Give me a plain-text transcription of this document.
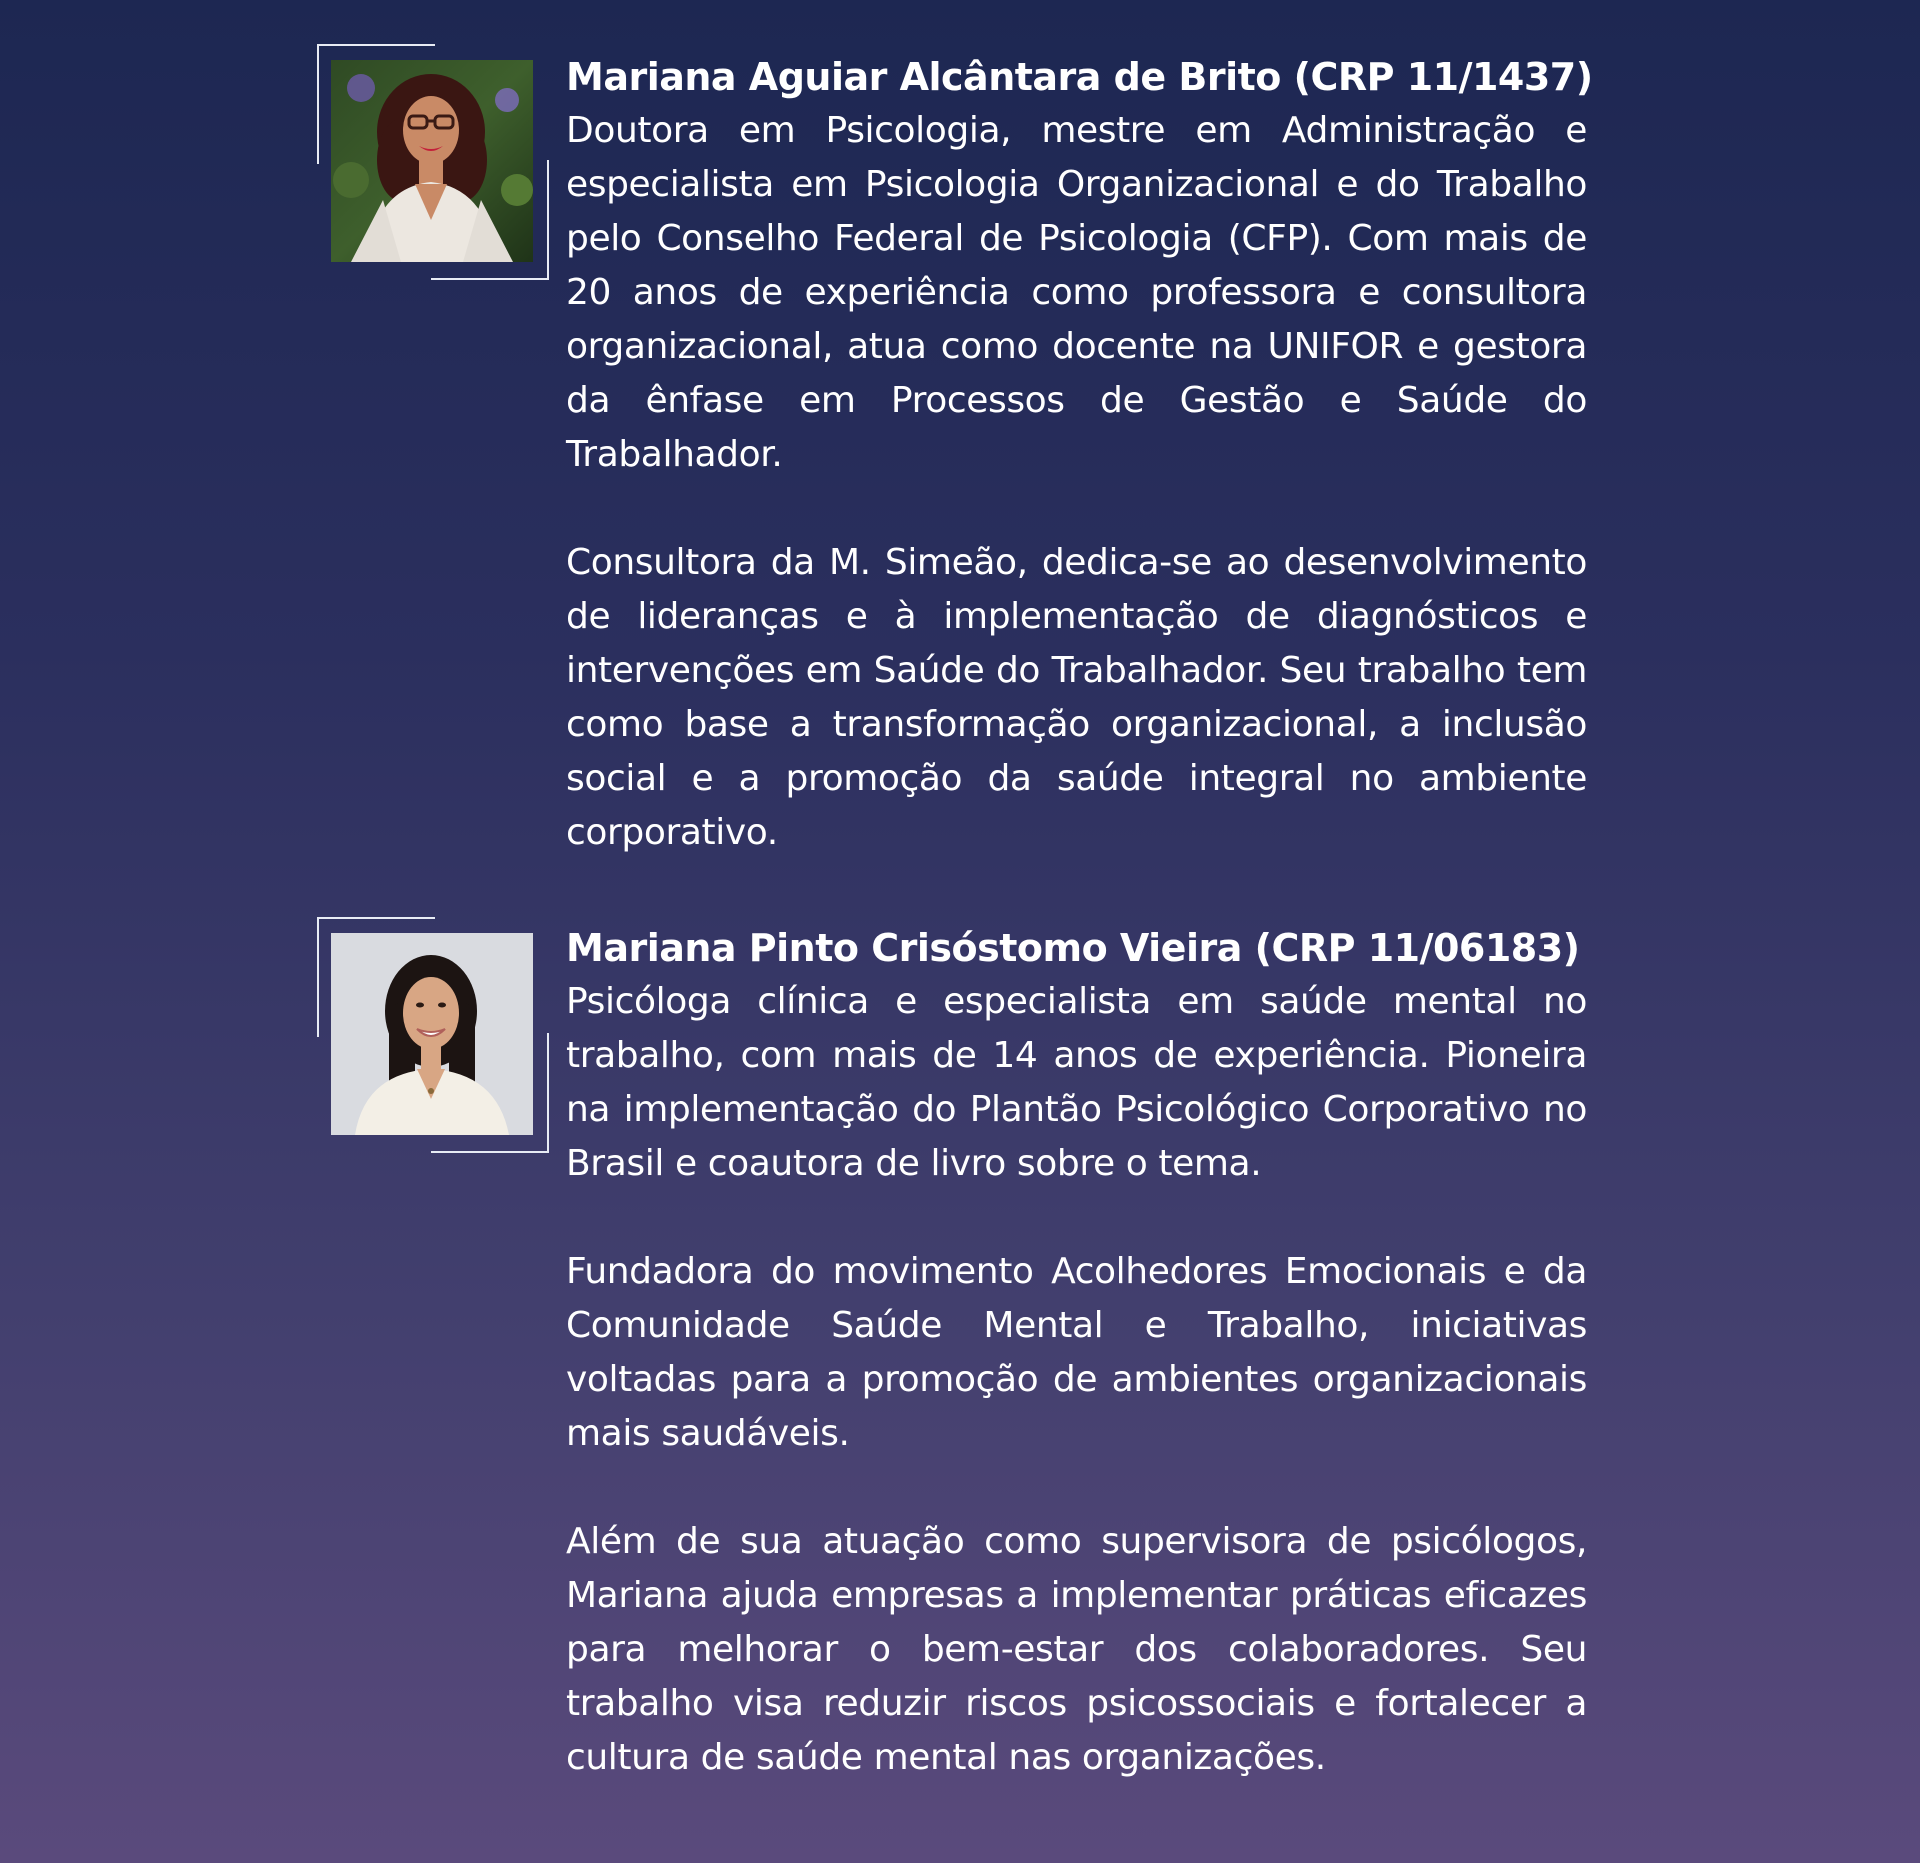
Mariana Aguiar Alcântara de Brito (CRP 11/1437)

Doutora em Psicologia, mestre em Administração e especialista em Psicologia Organizacional e do Trabalho pelo Conselho Federal de Psicologia (CFP). Com mais de 20 anos de experiência como professora e consultora organizacional, atua como docente na UNIFOR e gestora da ênfase em Processos de Gestão e Saúde do Trabalhador.

Consultora da M. Simeão, dedica-se ao desenvolvimento de lideranças e à implementação de diagnósticos e intervenções em Saúde do Trabalhador. Seu trabalho tem como base a transformação organizacional, a inclusão social e a promoção da saúde integral no ambiente corporativo.

Mariana Pinto Crisóstomo Vieira (CRP 11/06183)

Psicóloga clínica e especialista em saúde mental no trabalho, com mais de 14 anos de experiência. Pioneira na implementação do Plantão Psicológico Corporativo no Brasil e coautora de livro sobre o tema.

Fundadora do movimento Acolhedores Emocionais e da Comunidade Saúde Mental e Trabalho, iniciativas voltadas para a promoção de ambientes organizacionais mais saudáveis.

Além de sua atuação como supervisora de psicólogos, Mariana ajuda empresas a implementar práticas eficazes para melhorar o bem-estar dos colaboradores. Seu trabalho visa reduzir riscos psicossociais e fortalecer a cultura de saúde mental nas organizações.
